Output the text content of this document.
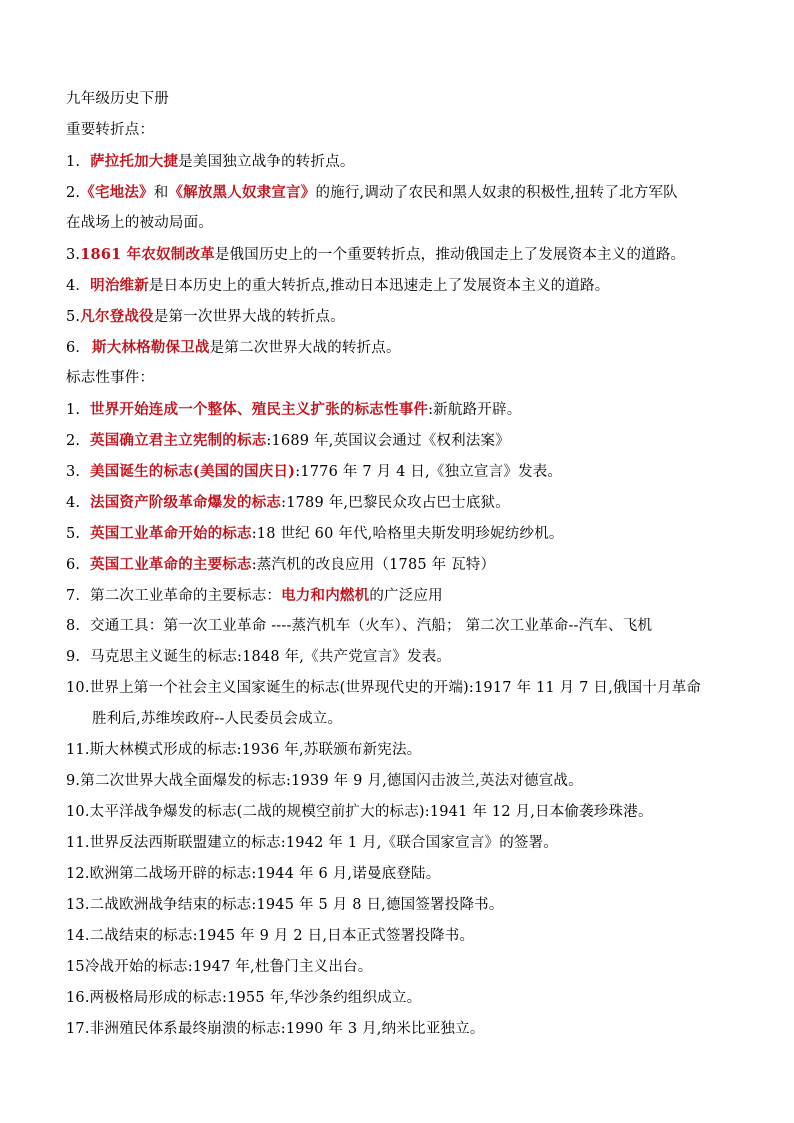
九年级历史下册
重要转折点：
1. 萨拉托加大捷是美国独立战争的转折点。
2.《宅地法》和《解放黑人奴隶宣言》的施行,调动了农民和黑人奴隶的积极性,扭转了北方军队
在战场上的被动局面。
3.1861 年农奴制改革是俄国历史上的一个重要转折点，推动俄国走上了发展资本主义的道路。
4．明治维新是日本历史上的重大转折点,推动日本迅速走上了发展资本主义的道路。
5.凡尔登战役是第一次世界大战的转折点。
6． 斯大林格勒保卫战是第二次世界大战的转折点。
标志性事件：
1. 世界开始连成一个整体、殖民主义扩张的标志性事件:新航路开辟。
2. 英国确立君主立宪制的标志:1689 年,英国议会通过《权利法案》
3. 美国诞生的标志(美国的国庆日):1776 年 7 月 4 日,《独立宣言》发表。
4. 法国资产阶级革命爆发的标志:1789 年,巴黎民众攻占巴士底狱。
5. 英国工业革命开始的标志:18 世纪 60 年代,哈格里夫斯发明珍妮纺纱机。
6. 英国工业革命的主要标志:蒸汽机的改良应用（1785 年 瓦特）
7. 第二次工业革命的主要标志：电力和内燃机的广泛应用
8. 交通工具：第一次工业革命 ----蒸汽机车（火车）、汽船； 第二次工业革命--汽车、飞机
9. 马克思主义诞生的标志:1848 年,《共产党宣言》发表。
10.世界上第一个社会主义国家诞生的标志(世界现代史的开端):1917 年 11 月 7 日,俄国十月革命
胜利后,苏维埃政府--人民委员会成立。
11.斯大林模式形成的标志:1936 年,苏联颁布新宪法。
9.第二次世界大战全面爆发的标志:1939 年 9 月,德国闪击波兰,英法对德宣战。
10.太平洋战争爆发的标志(二战的规模空前扩大的标志):1941 年 12 月,日本偷袭珍珠港。
11.世界反法西斯联盟建立的标志:1942 年 1 月,《联合国家宣言》的签署。
12.欧洲第二战场开辟的标志:1944 年 6 月,诺曼底登陆。
13.二战欧洲战争结束的标志:1945 年 5 月 8 日,德国签署投降书。
14.二战结束的标志:1945 年 9 月 2 日,日本正式签署投降书。
15冷战开始的标志:1947 年,杜鲁门主义出台。
16.两极格局形成的标志:1955 年,华沙条约组织成立。
17.非洲殖民体系最终崩溃的标志:1990 年 3 月,纳米比亚独立。
